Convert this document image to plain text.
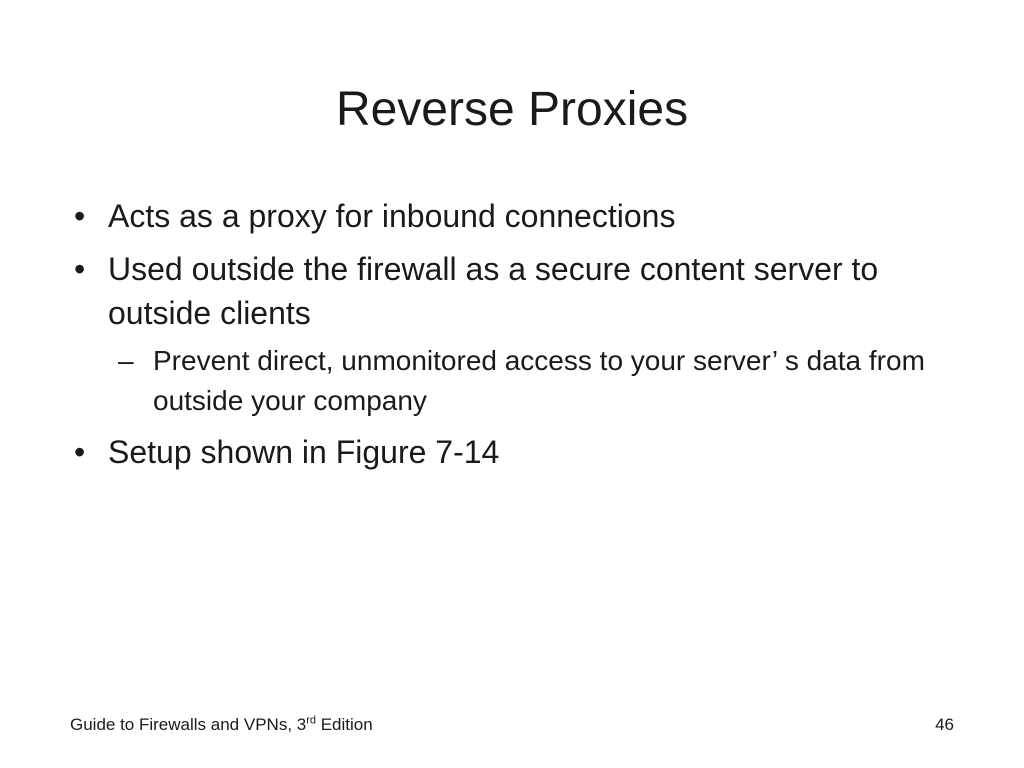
Reverse Proxies
• Acts as a proxy for inbound connections
• Used outside the firewall as a secure content server to outside clients
– Prevent direct, unmonitored access to your server’ s data from outside your company
• Setup shown in Figure 7-14
Guide to Firewalls and VPNs, 3rd Edition	46
